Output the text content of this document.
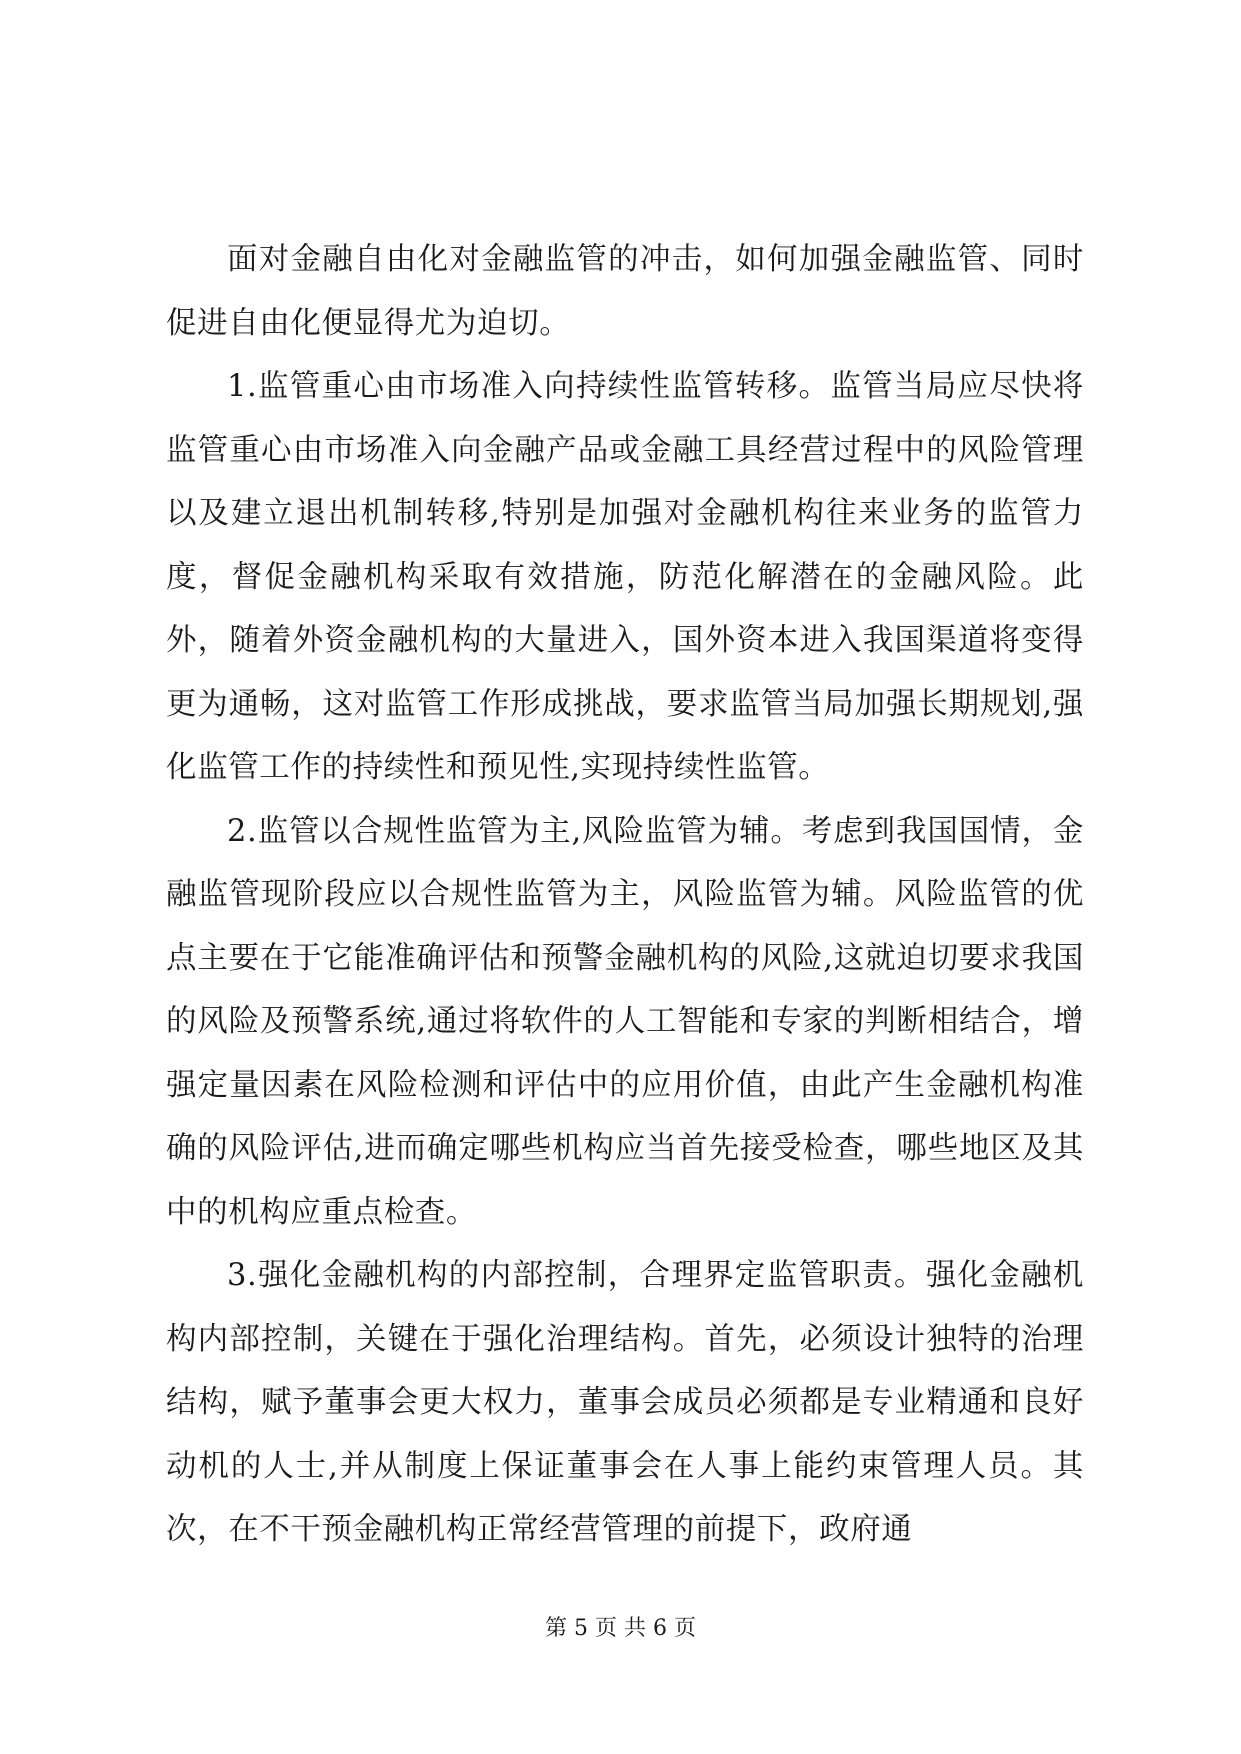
面对金融自由化对金融监管的冲击，如何加强金融监管、同时促进自由化便显得尤为迫切。

1.监管重心由市场准入向持续性监管转移。监管当局应尽快将监管重心由市场准入向金融产品或金融工具经营过程中的风险管理以及建立退出机制转移,特别是加强对金融机构往来业务的监管力度，督促金融机构采取有效措施，防范化解潜在的金融风险。此外，随着外资金融机构的大量进入，国外资本进入我国渠道将变得更为通畅，这对监管工作形成挑战，要求监管当局加强长期规划,强化监管工作的持续性和预见性,实现持续性监管。

2.监管以合规性监管为主,风险监管为辅。考虑到我国国情，金融监管现阶段应以合规性监管为主，风险监管为辅。风险监管的优点主要在于它能准确评估和预警金融机构的风险,这就迫切要求我国的风险及预警系统,通过将软件的人工智能和专家的判断相结合，增强定量因素在风险检测和评估中的应用价值，由此产生金融机构准确的风险评估,进而确定哪些机构应当首先接受检查，哪些地区及其中的机构应重点检查。

3.强化金融机构的内部控制，合理界定监管职责。强化金融机构内部控制，关键在于强化治理结构。首先，必须设计独特的治理结构，赋予董事会更大权力，董事会成员必须都是专业精通和良好动机的人士,并从制度上保证董事会在人事上能约束管理人员。其次，在不干预金融机构正常经营管理的前提下，政府通

第 5 页 共 6 页
